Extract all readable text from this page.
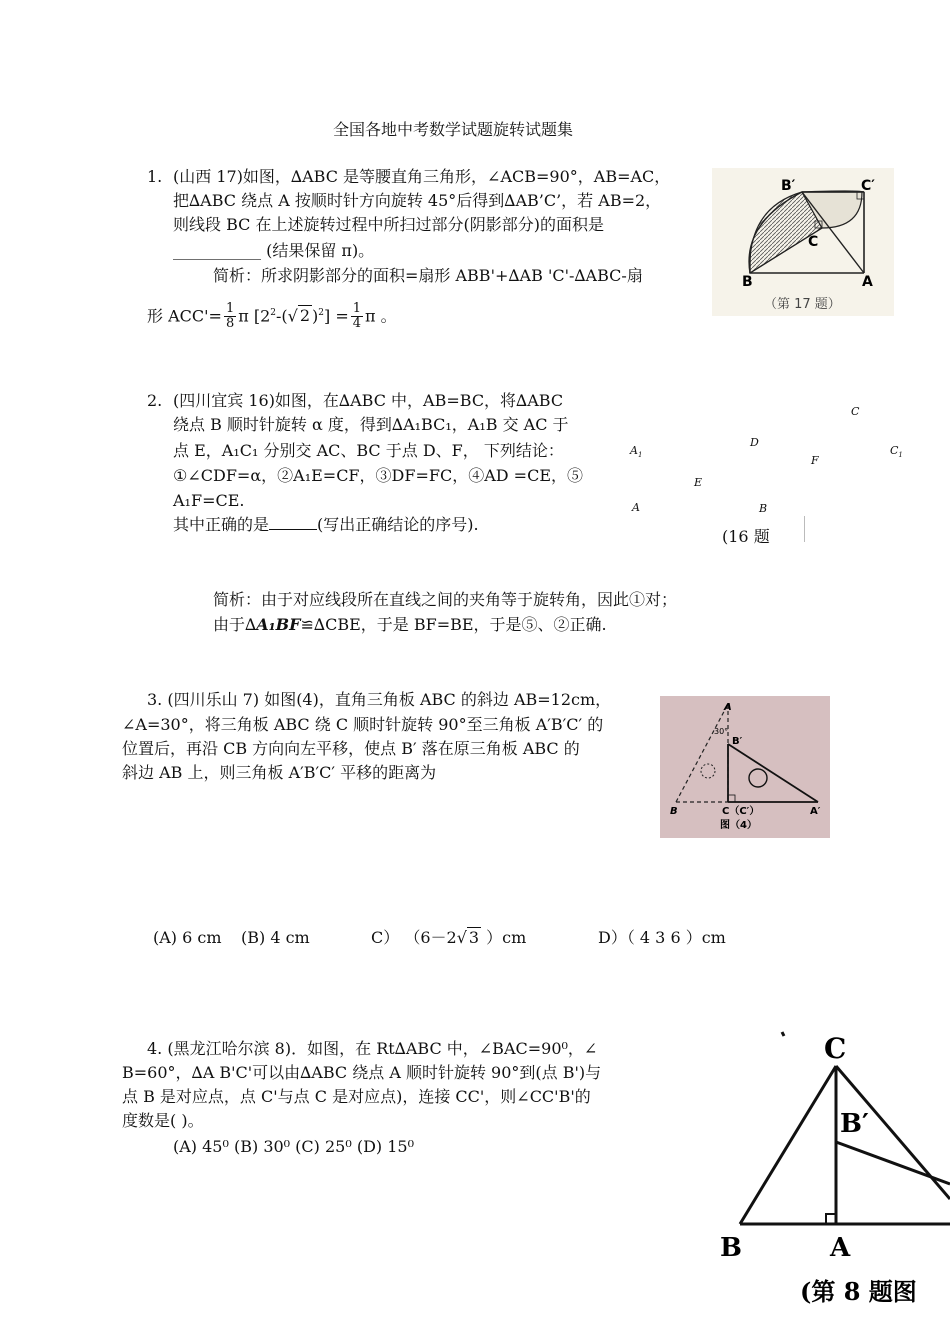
全国各地中考数学试题旋转试题集
1. (山西 17)如图，∆ABC 是等腰直角三角形，∠ACB=90°，AB=AC，
把∆ABC 绕点 A 按顺时针方向旋转 45°后得到∆AB’C’，若 AB=2，
则线段 BC 在上述旋转过程中所扫过部分(阴影部分)的面积是
___________ (结果保留 π)。
简析：所求阴影部分的面积=扇形 ABB'+∆AB 'C'-∆ABC-扇
形 $ACC'= \frac{1}{8}$ π [$2^2-(√$ 2 )$^2] = \frac{1}{4}$ π 。
B′	C′
C
B	A
（第 17 题）
2. (四川宜宾 16)如图，在∆ABC 中，AB=BC，将∆ABC
绕点 B 顺时针旋转 α 度，得到∆A₁BC₁，A₁B 交 AC 于
点 E，A₁C₁ 分别交 AC、BC 于点 D、F， 下列结论：
①∠CDF=α，②A₁E=CF，③DF=FC，④AD =CE，⑤
A₁F=CE.
其中正确的是	(写出正确结论的序号).
简析：由于对应线段所在直线之间的夹角等于旋转角，因此①对；
由于∆A₁BF≌∆CBE，于是 BF=BE，于是⑤、②正确.
C
D
$A_1$	F
$C_1$
E
A	B
(16 题
3. (四川乐山 7) 如图(4)，直角三角板 ABC 的斜边 AB=12cm，
∠A=30°，将三角板 ABC 绕 C 顺时针旋转 90°至三角板 A′B′C′ 的
位置后，再沿 CB 方向向左平移，使点 B′ 落在原三角板 ABC 的
斜边 AB 上，则三角板 A′B′C′ 平移的距离为
A
30°
B′
B	C（C′）	A′
图（4）
(A) 6 cm (B) 4 cm	C） （6－2√ 3 ）cm	D）（ 4 3 6 ）cm
4. (黑龙江哈尔滨 8)．如图，在 Rt∆ABC 中，∠BAC=90⁰，∠
B=60°，∆A B'C'可以由∆ABC 绕点 A 顺时针旋转 90°到(点 B')与
点 B 是对应点，点 C'与点 C 是对应点)，连接 CC'，则∠CC'B'的
度数是( )。
(A) 45⁰ (B) 30⁰ (C) 25⁰ (D) 15⁰
C
B′
B	A
(第 8 题图
